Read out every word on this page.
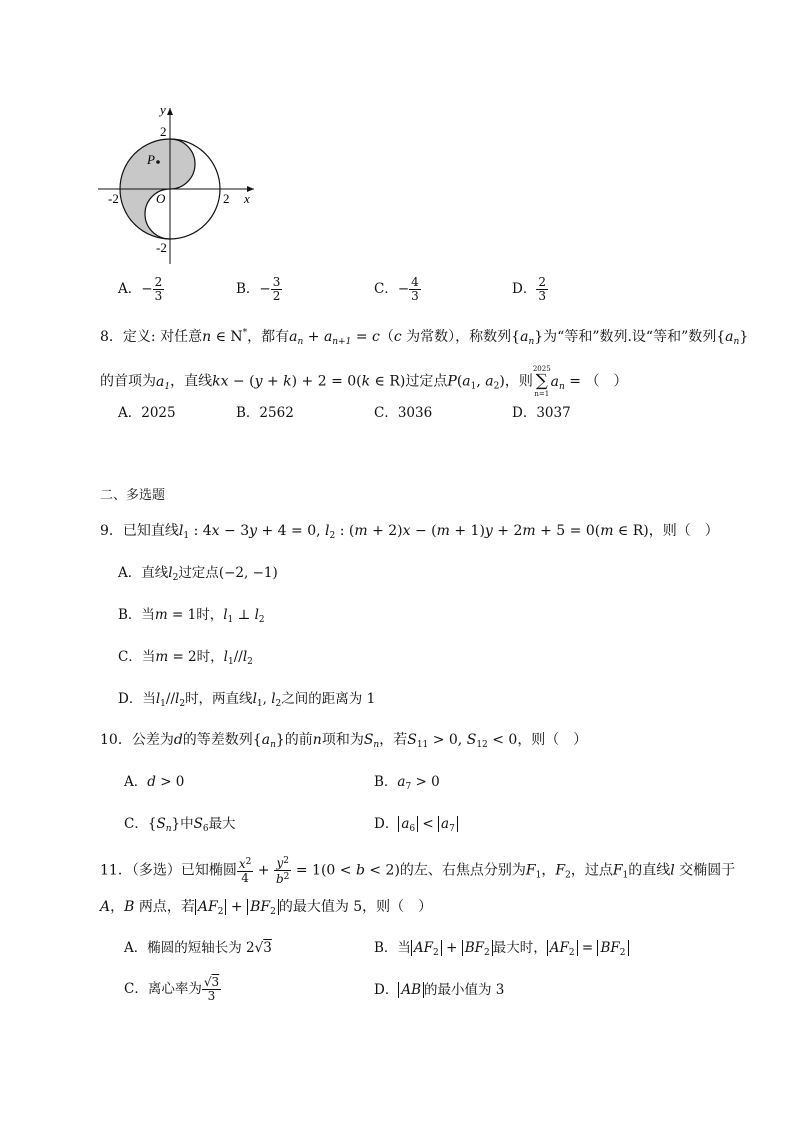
y
x
O
2
-2
2
-2
P
A．− $\frac{2}{3}$	B．− $\frac{3}{2}$	C．− $\frac{4}{3}$	D． $\frac{2}{3}$
8．定义: 对任意n ∈ N*，都有$a_n + a_{n+1} = c(c$ 为常数），称数列$\{a_n\}$为“等和”数列.设“等和”数列$\{a_n\}$
的首项为$a_1$，直线kx − (y + k) + 2 = 0(k ∈ R)过定点$P(a_1$, $a_2$)，则
2025
∑
n=1
$a_n$ = （　）
A．2025	B．2562	C．3036	D．3037
二、多选题
9．已知直线$l_1$ : 4x − 3y + 4 = 0, $l_2$ : (m + 2)x − (m + 1)y + 2m + 5 = 0(m ∈ R)，则（　）
A．直线$l_2$过定点(−2, −1)
B．当m = 1时，$l_1$ ⊥ $l_2$
C．当m = 2时，$l_1//l_2$
D．当$l_1//l_2$时，两直线$l_1$, $l_2$之间的距离为 1
10．公差为d的等差数列$\{a_n\}$的前n项和为$S_n$，若$S_{11} > 0$, $S_{12} < 0$，则（　）
A．d > 0	B．$a_7 > 0$
C．$\{S_n\}$中$S_6$最大	D． $a_6 < a_7$
11．（多选）已知椭圆 $\frac{x^2}{4} + \frac{y^2}{b^2} = 1(0 < b < 2)$的左、右焦点分别为$F_1$，$F_2$，过点$F_1$的直线l 交椭圆于
A，B 两点，若 $AF_2 + BF_2$ 的最大值为 5，则（　）
A．椭圆的短轴长为 2√3	B．当 $AF_2 + BF_2$ 最大时， $AF_2 = BF_2$
C．离心率为 $\frac{√3}{3}$	D． AB 的最小值为 3
